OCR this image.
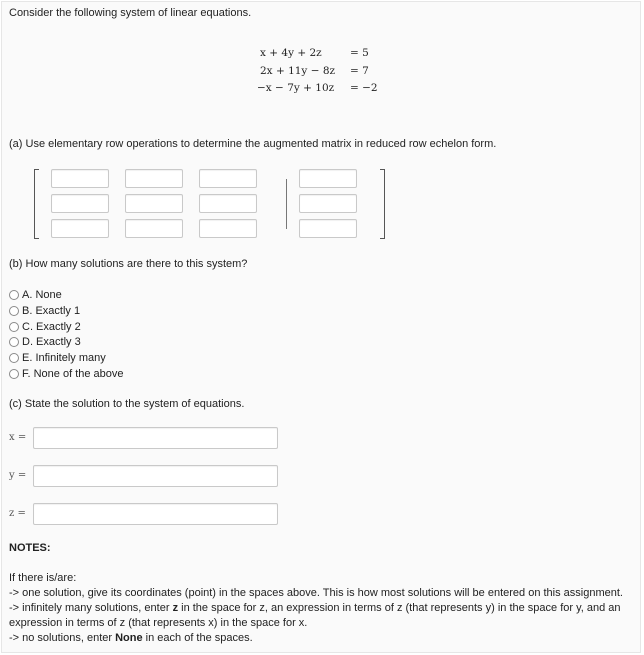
Consider the following system of linear equations.
x + 4y + 2z	= 5
2x + 11y − 8z = 7
−x − 7y + 10z = −2
(a) Use elementary row operations to determine the augmented matrix in reduced row echelon form.
(b) How many solutions are there to this system?
A. None
B. Exactly 1
C. Exactly 2
D. Exactly 3
E. Infinitely many
F. None of the above
(c) State the solution to the system of equations.
x =
y =
z =
NOTES:
If there is/are:
-> one solution, give its coordinates (point) in the spaces above. This is how most solutions will be entered on this assignment.
-> infinitely many solutions, enter z in the space for z, an expression in terms of z (that represents y) in the space for y, and an
expression in terms of z (that represents x) in the space for x.
-> no solutions, enter None in each of the spaces.
